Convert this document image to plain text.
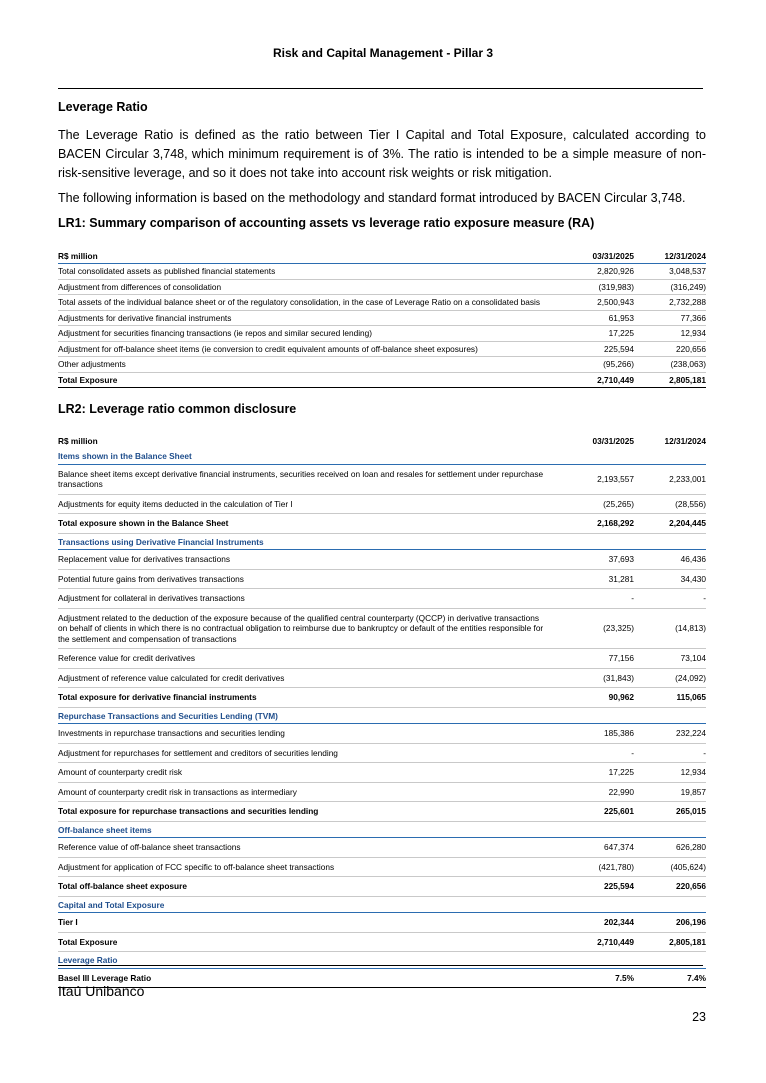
Risk and Capital Management - Pillar 3
Leverage Ratio

The Leverage Ratio is defined as the ratio between Tier I Capital and Total Exposure, calculated according to BACEN Circular 3,748, which minimum requirement is of 3%. The ratio is intended to be a simple measure of non-risk-sensitive leverage, and so it does not take into account risk weights or risk mitigation.

The following information is based on the methodology and standard format introduced by BACEN Circular 3,748.

LR1: Summary comparison of accounting assets vs leverage ratio exposure measure (RA)
R$ million	03/31/2025	12/31/2024
Total consolidated assets as published financial statements	2,820,926	3,048,537
Adjustment from differences of consolidation	(319,983)	(316,249)
Total assets of the individual balance sheet or of the regulatory consolidation, in the case of Leverage Ratio on a consolidated basis	2,500,943	2,732,288
Adjustments for derivative financial instruments	61,953	77,366
Adjustment for securities financing transactions (ie repos and similar secured lending)	17,225	12,934
Adjustment for off-balance sheet items (ie conversion to credit equivalent amounts of off-balance sheet exposures)	225,594	220,656
Other adjustments	(95,266)	(238,063)
Total Exposure	2,710,449	2,805,181
LR2: Leverage ratio common disclosure
R$ million	03/31/2025	12/31/2024
Items shown in the Balance Sheet		
Balance sheet items except derivative financial instruments, securities received on loan and resales for settlement under repurchase transactions	2,193,557	2,233,001
Adjustments for equity items deducted in the calculation of Tier I	(25,265)	(28,556)
Total exposure shown in the Balance Sheet	2,168,292	2,204,445
Transactions using Derivative Financial Instruments		
Replacement value for derivatives transactions	37,693	46,436
Potential future gains from derivatives transactions	31,281	34,430
Adjustment for collateral in derivatives transactions	-	-
Adjustment related to the deduction of the exposure because of the qualified central counterparty (QCCP) in derivative transactions on behalf of clients in which there is no contractual obligation to reimburse due to bankruptcy or default of the entities responsible for the settlement and compensation of transactions	(23,325)	(14,813)
Reference value for credit derivatives	77,156	73,104
Adjustment of reference value calculated for credit derivatives	(31,843)	(24,092)
Total exposure for derivative financial instruments	90,962	115,065
Repurchase Transactions and Securities Lending (TVM)		
Investments in repurchase transactions and securities lending	185,386	232,224
Adjustment for repurchases for settlement and creditors of securities lending	-	-
Amount of counterparty credit risk	17,225	12,934
Amount of counterparty credit risk in transactions as intermediary	22,990	19,857
Total exposure for repurchase transactions and securities lending	225,601	265,015
Off-balance sheet items		
Reference value of off-balance sheet transactions	647,374	626,280
Adjustment for application of FCC specific to off-balance sheet transactions	(421,780)	(405,624)
Total off-balance sheet exposure	225,594	220,656
Capital and Total Exposure		
Tier I	202,344	206,196
Total Exposure	2,710,449	2,805,181
Leverage Ratio		
Basel III Leverage Ratio	7.5%	7.4%
Itaú Unibanco
23
